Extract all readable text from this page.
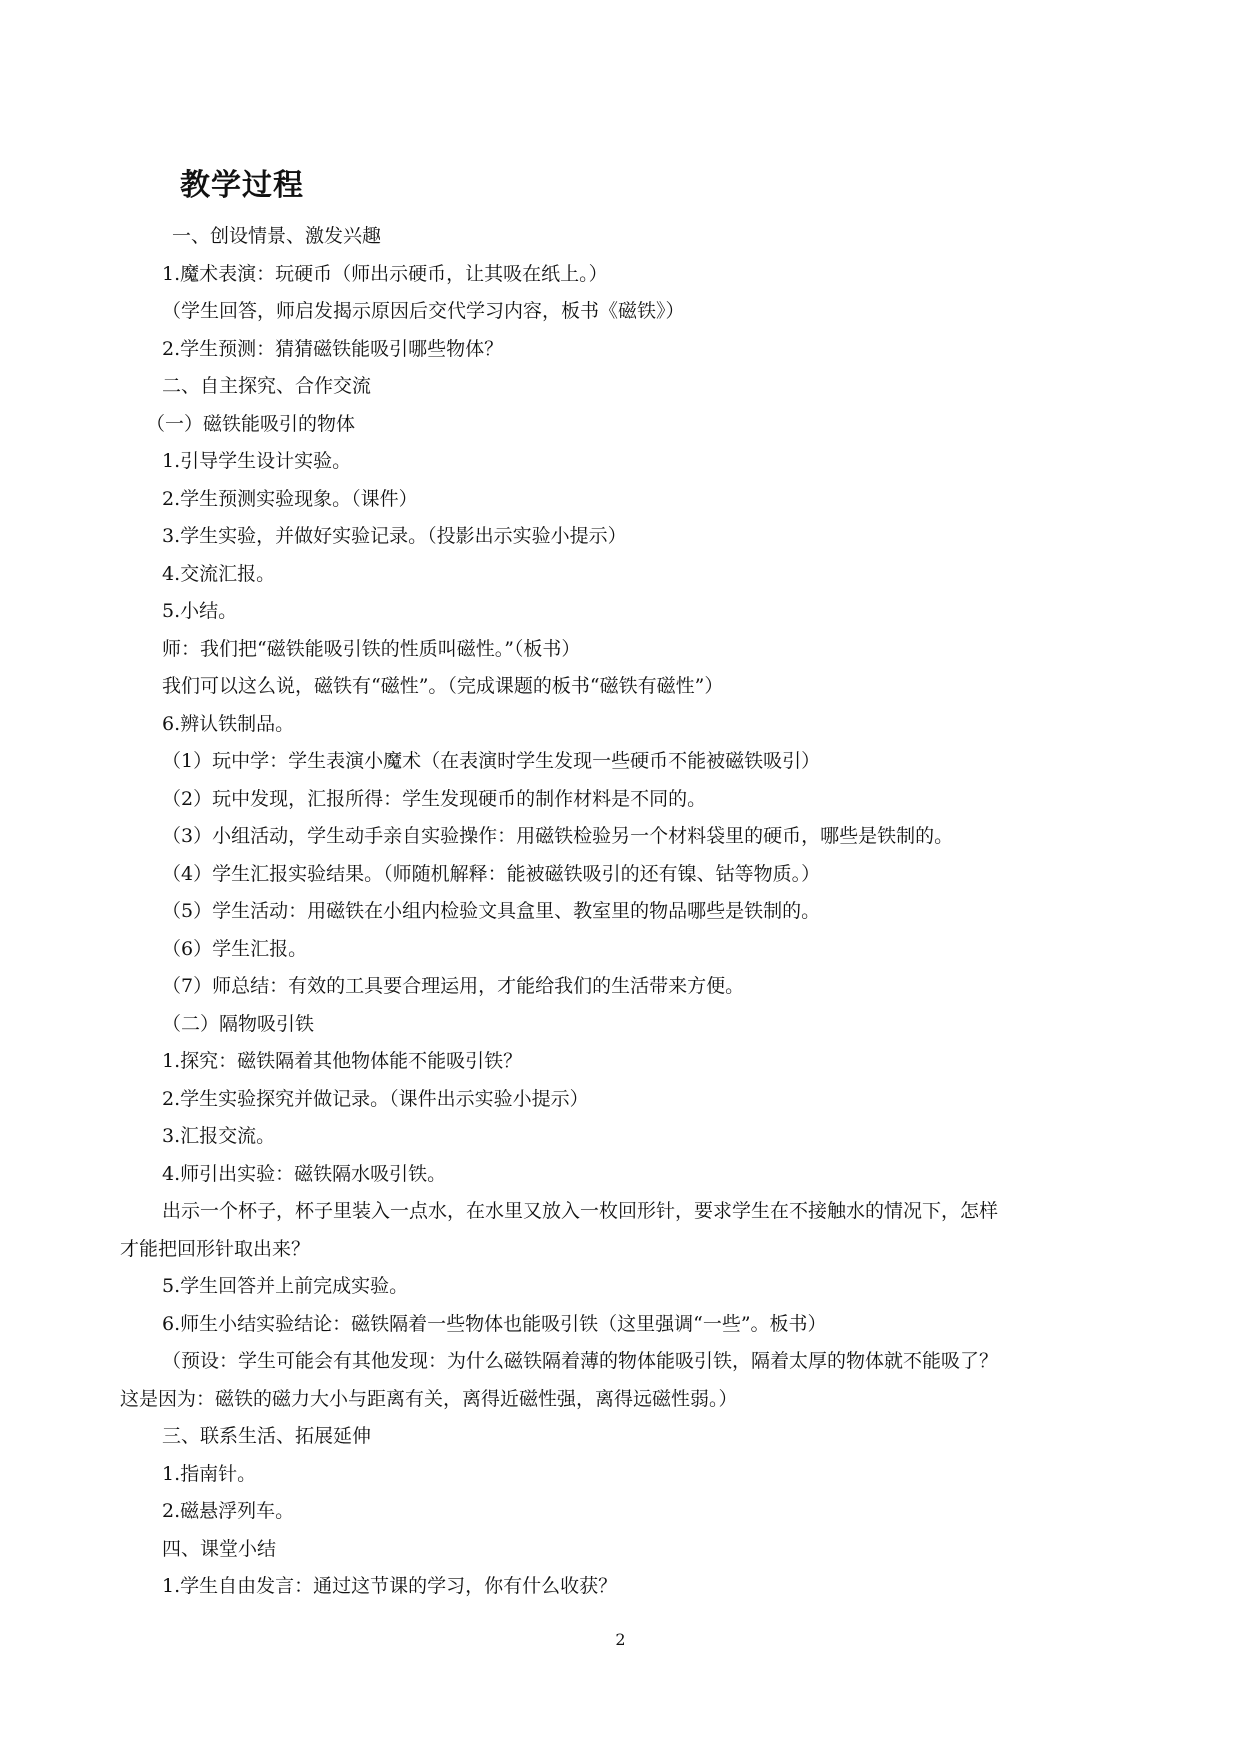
教学过程
一、创设情景、激发兴趣
1.魔术表演：玩硬币（师出示硬币，让其吸在纸上。）
（学生回答，师启发揭示原因后交代学习内容，板书《磁铁》）
2.学生预测：猜猜磁铁能吸引哪些物体？
二、自主探究、合作交流
（一）磁铁能吸引的物体
1.引导学生设计实验。
2.学生预测实验现象。（课件）
3.学生实验，并做好实验记录。（投影出示实验小提示）
4.交流汇报。
5.小结。
师：我们把“磁铁能吸引铁的性质叫磁性。”（板书）
我们可以这么说，磁铁有“磁性”。（完成课题的板书“磁铁有磁性”）
6.辨认铁制品。
（1）玩中学：学生表演小魔术（在表演时学生发现一些硬币不能被磁铁吸引）
（2）玩中发现，汇报所得：学生发现硬币的制作材料是不同的。
（3）小组活动，学生动手亲自实验操作：用磁铁检验另一个材料袋里的硬币，哪些是铁制的。
（4）学生汇报实验结果。（师随机解释：能被磁铁吸引的还有镍、钴等物质。）
（5）学生活动：用磁铁在小组内检验文具盒里、教室里的物品哪些是铁制的。
（6）学生汇报。
（7）师总结：有效的工具要合理运用，才能给我们的生活带来方便。
（二）隔物吸引铁
1.探究：磁铁隔着其他物体能不能吸引铁？
2.学生实验探究并做记录。（课件出示实验小提示）
3.汇报交流。
4.师引出实验：磁铁隔水吸引铁。
出示一个杯子，杯子里装入一点水，在水里又放入一枚回形针，要求学生在不接触水的情况下，怎样
才能把回形针取出来？
5.学生回答并上前完成实验。
6.师生小结实验结论：磁铁隔着一些物体也能吸引铁（这里强调“一些”。板书）
（预设：学生可能会有其他发现：为什么磁铁隔着薄的物体能吸引铁，隔着太厚的物体就不能吸了？
这是因为：磁铁的磁力大小与距离有关，离得近磁性强，离得远磁性弱。）
三、联系生活、拓展延伸
1.指南针。
2.磁悬浮列车。
四、课堂小结
1.学生自由发言：通过这节课的学习，你有什么收获？
2
